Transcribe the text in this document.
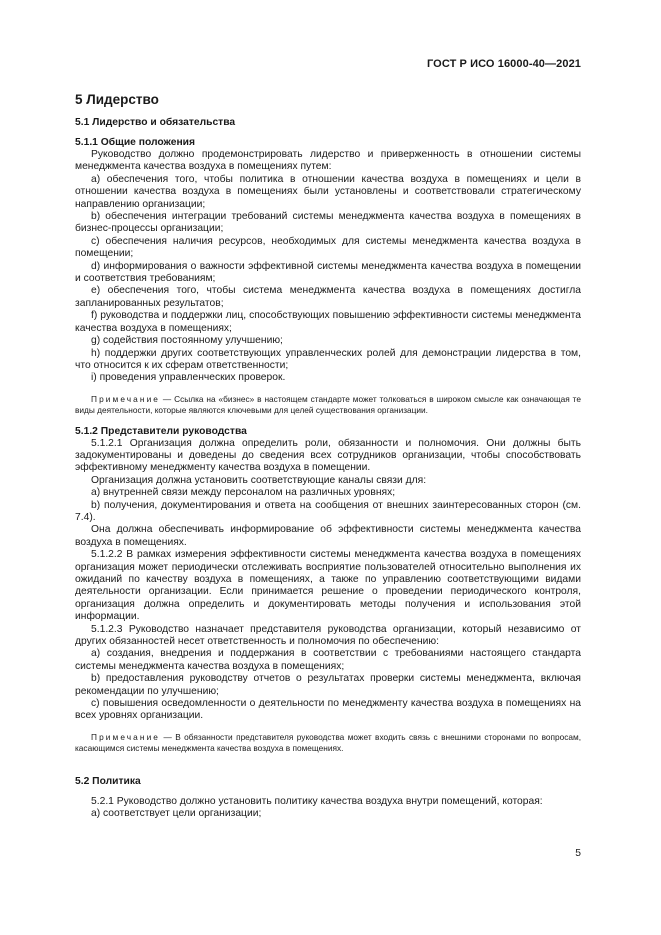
ГОСТ Р ИСО 16000-40—2021
5 Лидерство
5.1 Лидерство и обязательства
5.1.1 Общие положения

Руководство должно продемонстрировать лидерство и приверженность в отношении системы менеджмента качества воздуха в помещениях путем:

a) обеспечения того, чтобы политика в отношении качества воздуха в помещениях и цели в отношении качества воздуха в помещениях были установлены и соответствовали стратегическому направлению организации;

b) обеспечения интеграции требований системы менеджмента качества воздуха в помещениях в бизнес-процессы организации;

c) обеспечения наличия ресурсов, необходимых для системы менеджмента качества воздуха в помещении;

d) информирования о важности эффективной системы менеджмента качества воздуха в помещении и соответствия требованиям;

e) обеспечения того, чтобы система менеджмента качества воздуха в помещениях достигла запланированных результатов;

f) руководства и поддержки лиц, способствующих повышению эффективности системы менеджмента качества воздуха в помещениях;

g) содействия постоянному улучшению;

h) поддержки других соответствующих управленческих ролей для демонстрации лидерства в том, что относится к их сферам ответственности;

i) проведения управленческих проверок.

Примечание — Ссылка на «бизнес» в настоящем стандарте может толковаться в широком смысле как означающая те виды деятельности, которые являются ключевыми для целей существования организации.

5.1.2 Представители руководства

5.1.2.1 Организация должна определить роли, обязанности и полномочия. Они должны быть задокументированы и доведены до сведения всех сотрудников организации, чтобы способствовать эффективному менеджменту качества воздуха в помещении.

Организация должна установить соответствующие каналы связи для:

a) внутренней связи между персоналом на различных уровнях;

b) получения, документирования и ответа на сообщения от внешних заинтересованных сторон (см. 7.4).

Она должна обеспечивать информирование об эффективности системы менеджмента качества воздуха в помещениях.

5.1.2.2 В рамках измерения эффективности системы менеджмента качества воздуха в помещениях организация может периодически отслеживать восприятие пользователей относительно выполнения их ожиданий по качеству воздуха в помещениях, а также по управлению соответствующими видами деятельности организации. Если принимается решение о проведении периодического контроля, организация должна определить и документировать методы получения и использования этой информации.

5.1.2.3 Руководство назначает представителя руководства организации, который независимо от других обязанностей несет ответственность и полномочия по обеспечению:

a) создания, внедрения и поддержания в соответствии с требованиями настоящего стандарта системы менеджмента качества воздуха в помещениях;

b) предоставления руководству отчетов о результатах проверки системы менеджмента, включая рекомендации по улучшению;

c) повышения осведомленности о деятельности по менеджменту качества воздуха в помещениях на всех уровнях организации.

Примечание — В обязанности представителя руководства может входить связь с внешними сторонами по вопросам, касающимся системы менеджмента качества воздуха в помещениях.

5.2 Политика

5.2.1 Руководство должно установить политику качества воздуха внутри помещений, которая:

a) соответствует цели организации;

5
